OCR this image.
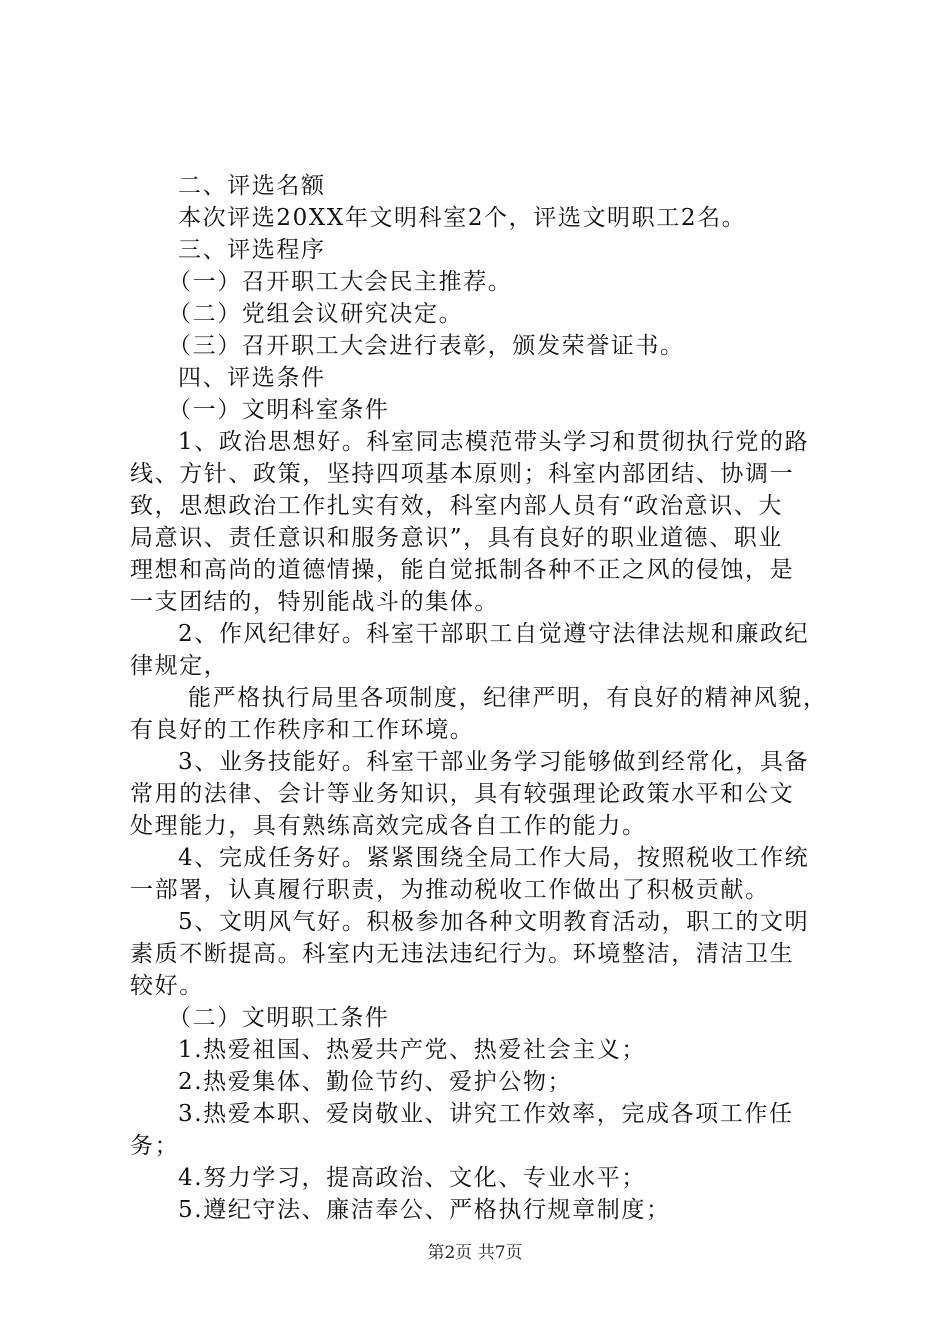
二、评选名额
本次评选20XX年文明科室2个，评选文明职工2名。
三、评选程序
（一）召开职工大会民主推荐。
（二）党组会议研究决定。
（三）召开职工大会进行表彰，颁发荣誉证书。
四、评选条件
（一）文明科室条件
1、政治思想好。科室同志模范带头学习和贯彻执行党的路
线、方针、政策，坚持四项基本原则；科室内部团结、协调一
致，思想政治工作扎实有效，科室内部人员有“政治意识、大
局意识、责任意识和服务意识”，具有良好的职业道德、职业
理想和高尚的道德情操，能自觉抵制各种不正之风的侵蚀，是
一支团结的，特别能战斗的集体。
2、作风纪律好。科室干部职工自觉遵守法律法规和廉政纪
律规定，
能严格执行局里各项制度，纪律严明，有良好的精神风貌，
有良好的工作秩序和工作环境。
3、业务技能好。科室干部业务学习能够做到经常化，具备
常用的法律、会计等业务知识，具有较强理论政策水平和公文
处理能力，具有熟练高效完成各自工作的能力。
4、完成任务好。紧紧围绕全局工作大局，按照税收工作统
一部署，认真履行职责，为推动税收工作做出了积极贡献。
5、文明风气好。积极参加各种文明教育活动，职工的文明
素质不断提高。科室内无违法违纪行为。环境整洁，清洁卫生
较好。
（二）文明职工条件
1.热爱祖国、热爱共产党、热爱社会主义；
2.热爱集体、勤俭节约、爱护公物；
3.热爱本职、爱岗敬业、讲究工作效率，完成各项工作任
务；
4.努力学习，提高政治、文化、专业水平；
5.遵纪守法、廉洁奉公、严格执行规章制度；
第2页 共7页
